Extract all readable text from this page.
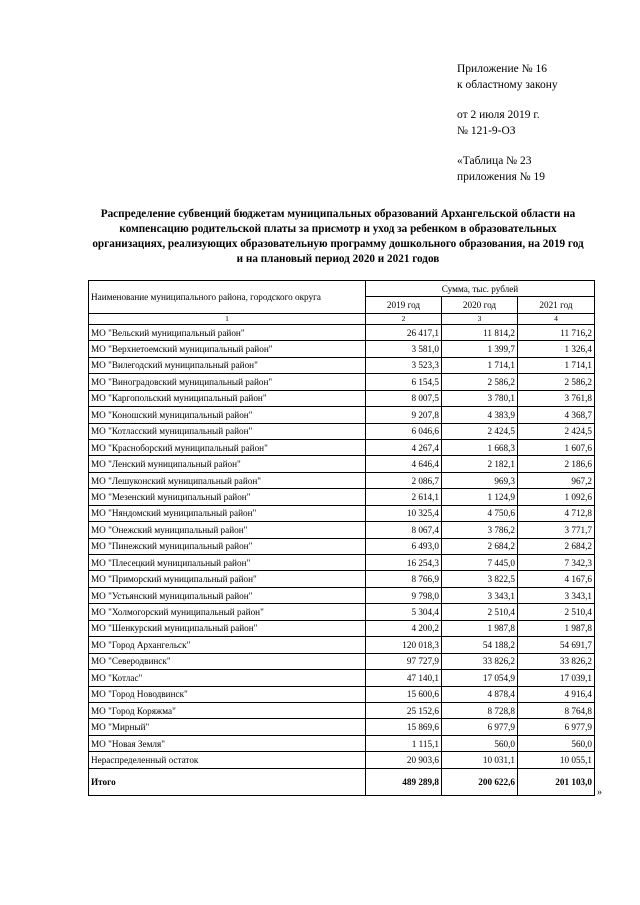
Приложение № 16
к областному закону
от 2 июля 2019 г.
№ 121-9-ОЗ
«Таблица № 23
приложения № 19
Распределение субвенций бюджетам муниципальных образований Архангельской области на компенсацию родительской платы за присмотр и уход за ребенком в образовательных организациях, реализующих образовательную программу дошкольного образования, на 2019 год и на плановый период 2020 и 2021 годов
Наименование муниципального района, городского округа	Сумма, тыс. рублей		
	2019 год	2020 год	2021 год
1	2	3	4
МО "Вельский муниципальный район"	26 417,1	11 814,2	11 716,2
МО "Верхнетоемский муниципальный район"	3 581,0	1 399,7	1 326,4
МО "Вилегодский муниципальный район"	3 523,3	1 714,1	1 714,1
МО "Виноградовский муниципальный район"	6 154,5	2 586,2	2 586,2
МО "Каргопольский муниципальный район"	8 007,5	3 780,1	3 761,8
МО "Коношский муниципальный район"	9 207,8	4 383,9	4 368,7
МО "Котласский муниципальный район"	6 046,6	2 424,5	2 424,5
МО "Красноборский муниципальный район"	4 267,4	1 668,3	1 607,6
МО "Ленский муниципальный район"	4 646,4	2 182,1	2 186,6
МО "Лешуконский муниципальный район"	2 086,7	969,3	967,2
МО "Мезенский муниципальный район"	2 614,1	1 124,9	1 092,6
МО "Няндомский муниципальный район"	10 325,4	4 750,6	4 712,8
МО "Онежский муниципальный район"	8 067,4	3 786,2	3 771,7
МО "Пинежский муниципальный район"	6 493,0	2 684,2	2 684,2
МО "Плесецкий муниципальный район"	16 254,3	7 445,0	7 342,3
МО "Приморский муниципальный район"	8 766,9	3 822,5	4 167,6
МО "Устьянский муниципальный район"	9 798,0	3 343,1	3 343,1
МО "Холмогорский муниципальный район"	5 304,4	2 510,4	2 510,4
МО "Шенкурский муниципальный район"	4 200,2	1 987,8	1 987,8
МО "Город Архангельск"	120 018,3	54 188,2	54 691,7
МО "Северодвинск"	97 727,9	33 826,2	33 826,2
МО "Котлас"	47 140,1	17 054,9	17 039,1
МО "Город Новодвинск"	15 600,6	4 878,4	4 916,4
МО "Город Коряжма"	25 152,6	8 728,8	8 764,8
МО "Мирный"	15 869,6	6 977,9	6 977,9
МО "Новая Земля"	1 115,1	560,0	560,0
Нераспределенный остаток	20 903,6	10 031,1	10 055,1
Итого	489 289,8	200 622,6	201 103,0
»
